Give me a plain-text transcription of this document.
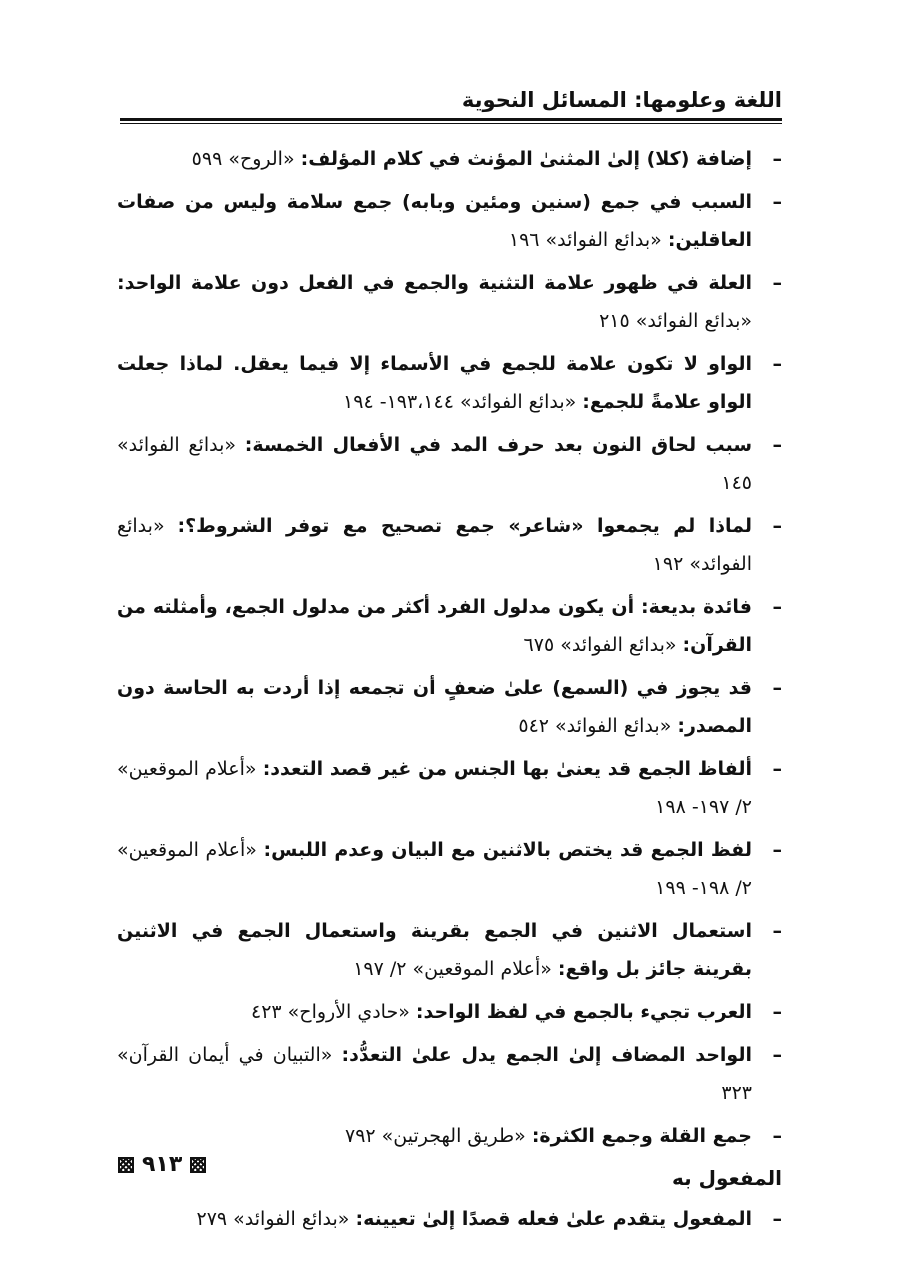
اللغة وعلومها: المسائل النحوية
–
إضافة (كلا) إلىٰ المثنىٰ المؤنث في كلام المؤلف: «الروح» ٥٩٩
–
السبب في جمع (سنين ومئين وبابه) جمع سلامة وليس من صفات العاقلين: «بدائع الفوائد» ١٩٦
–
العلة في ظهور علامة التثنية والجمع في الفعل دون علامة الواحد: «بدائع الفوائد» ٢١٥
–
الواو لا تكون علامة للجمع في الأسماء إلا فيما يعقل. لماذا جعلت الواو علامةً للجمع: «بدائع الفوائد» ١٩٣،١٤٤- ١٩٤
–
سبب لحاق النون بعد حرف المد في الأفعال الخمسة: «بدائع الفوائد» ١٤٥
–
لماذا لم يجمعوا «شاعر» جمع تصحيح مع توفر الشروط؟: «بدائع الفوائد» ١٩٢
–
فائدة بديعة: أن يكون مدلول الفرد أكثر من مدلول الجمع، وأمثلته من القرآن: «بدائع الفوائد» ٦٧٥
–
قد يجوز في (السمع) علىٰ ضعفٍ أن تجمعه إذا أردت به الحاسة دون المصدر: «بدائع الفوائد» ٥٤٢
–
ألفاظ الجمع قد يعنىٰ بها الجنس من غير قصد التعدد: «أعلام الموقعين» ٢/ ١٩٧- ١٩٨
–
لفظ الجمع قد يختص بالاثنين مع البيان وعدم اللبس: «أعلام الموقعين» ٢/ ١٩٨- ١٩٩
–
استعمال الاثنين في الجمع بقرينة واستعمال الجمع في الاثنين بقرينة جائز بل واقع: «أعلام الموقعين» ٢/ ١٩٧
–
العرب تجيء بالجمع في لفظ الواحد: «حادي الأرواح» ٤٢٣
–
الواحد المضاف إلىٰ الجمع يدل علىٰ التعدُّد: «التبيان في أيمان القرآن» ٣٢٣
–
جمع القلة وجمع الكثرة: «طريق الهجرتين» ٧٩٢
المفعول به
–
المفعول يتقدم علىٰ فعله قصدًا إلىٰ تعيينه: «بدائع الفوائد» ٢٧٩
٩١٣
